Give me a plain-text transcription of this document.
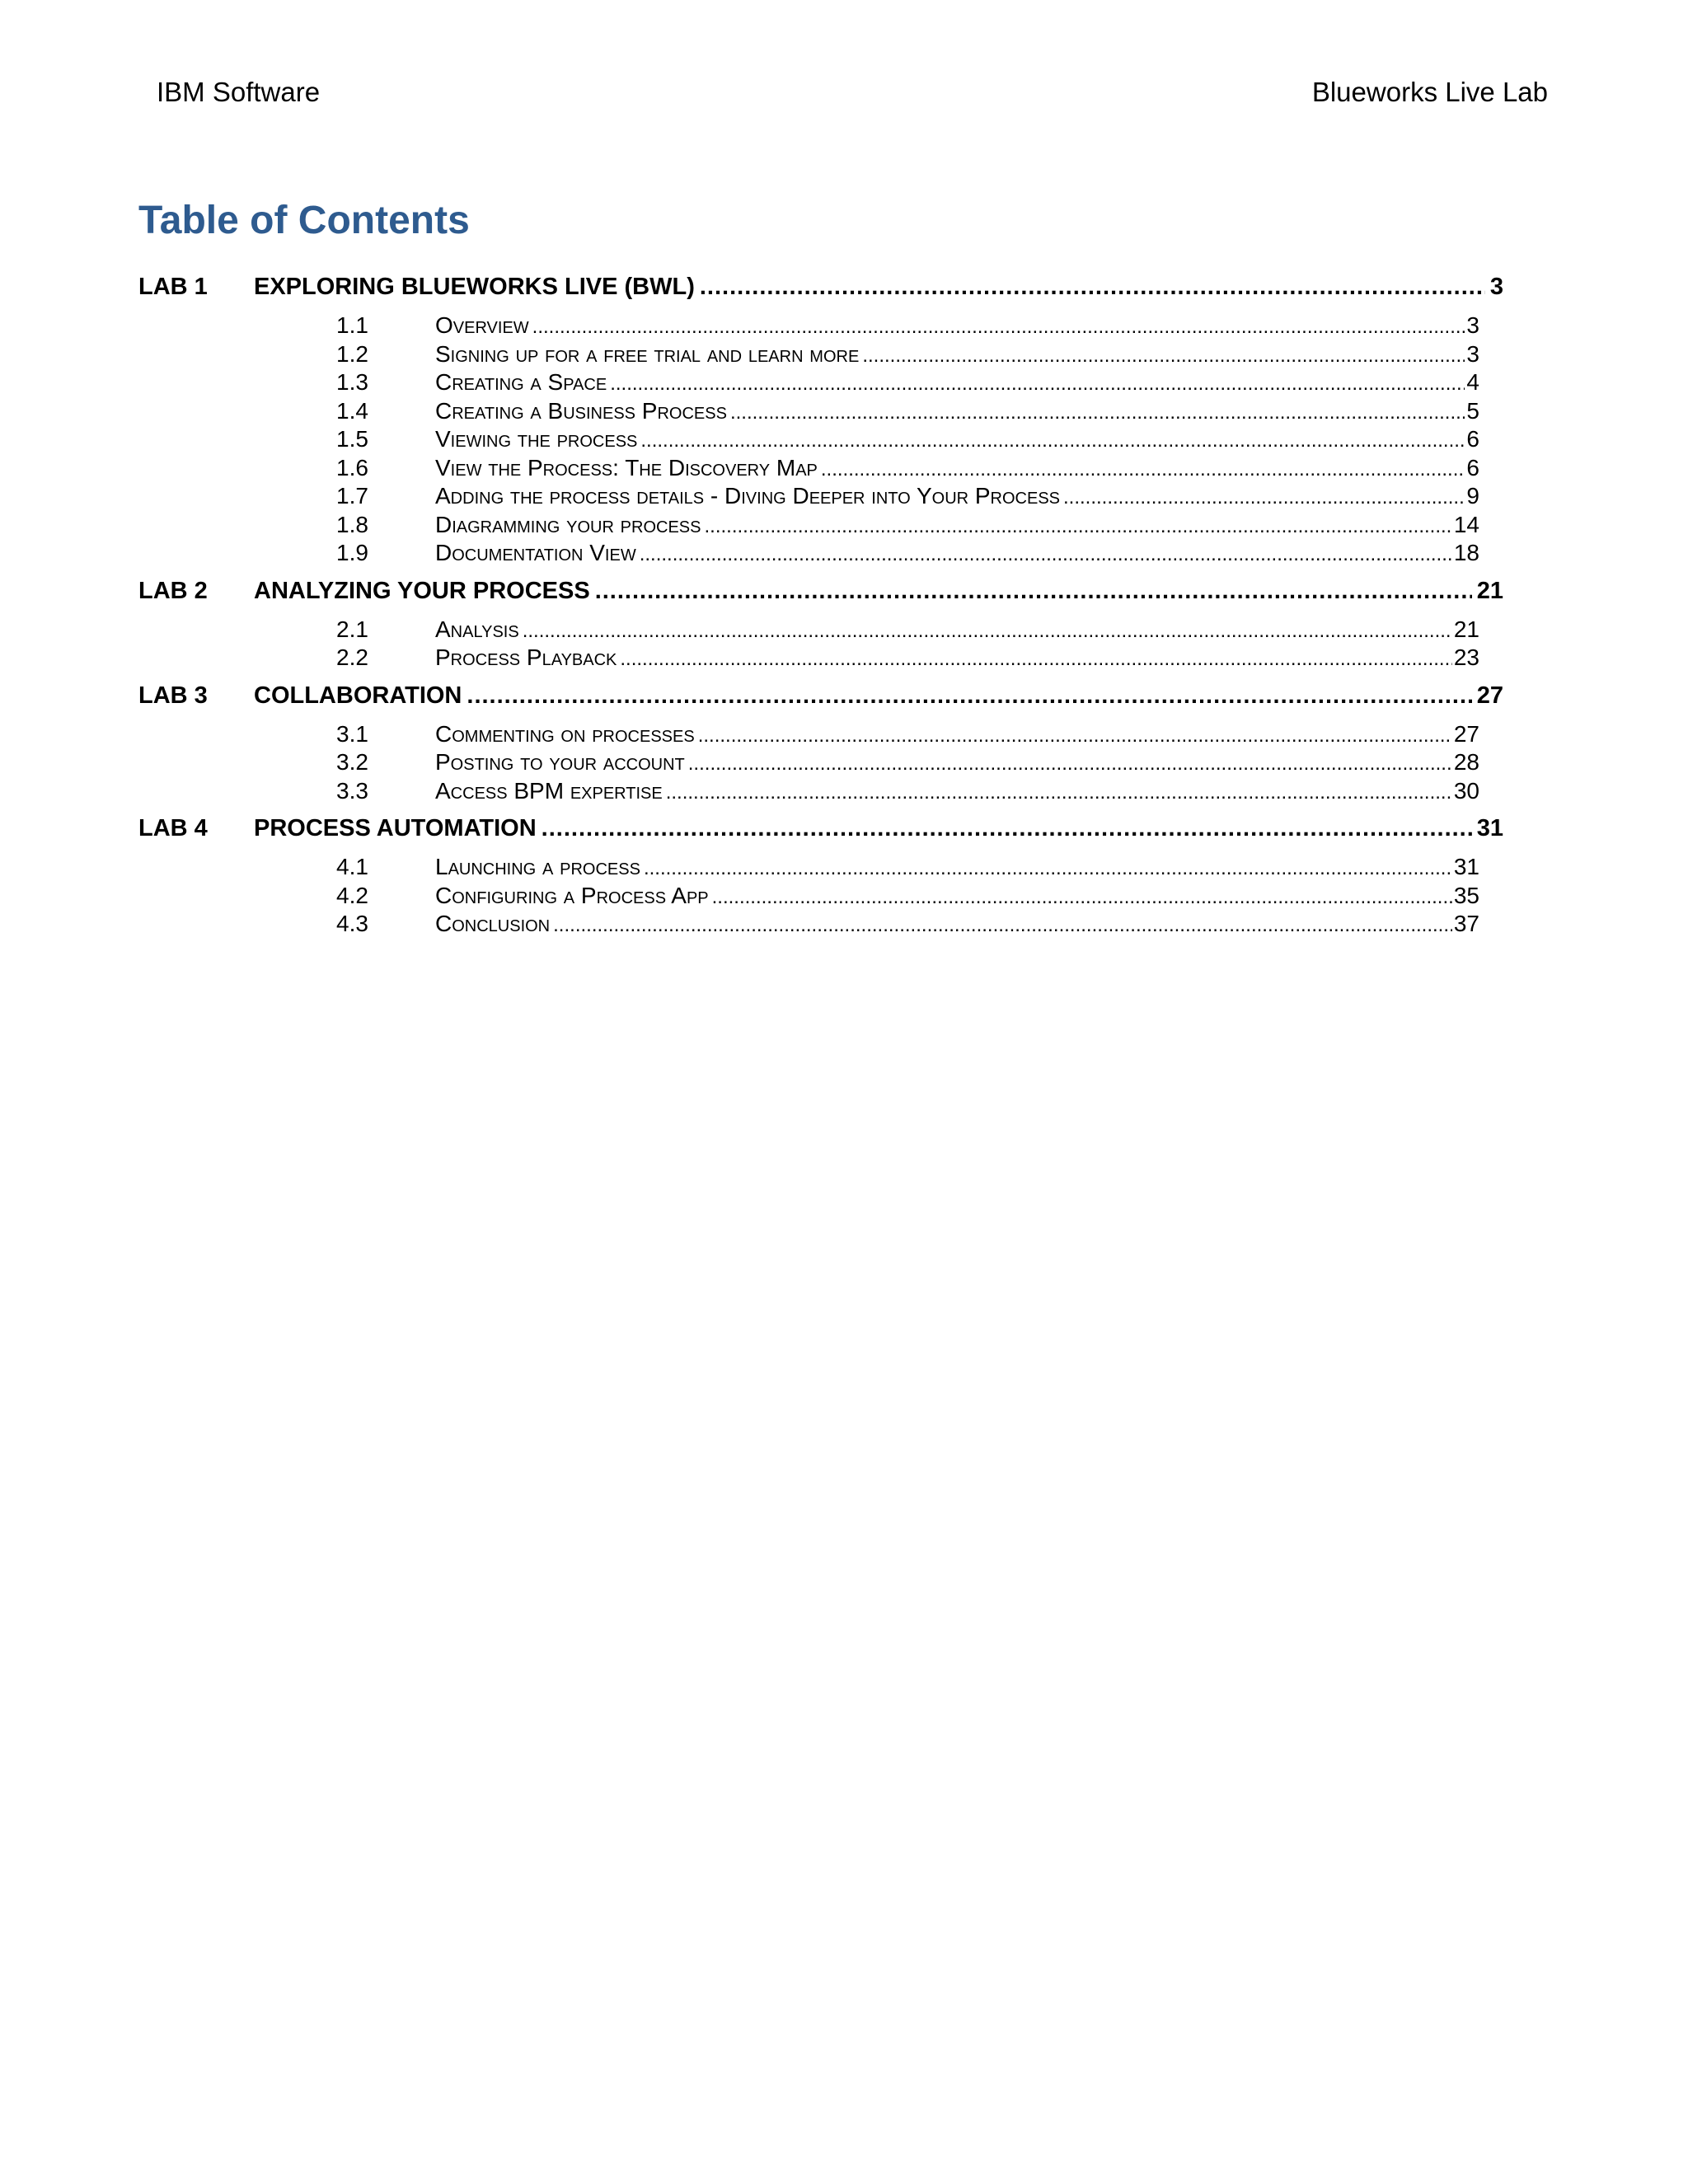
IBM Software	Blueworks Live Lab
Table of Contents
LAB 1	EXPLORING BLUEWORKS LIVE (BWL) .....	3
1.1	Overview .....	3
1.2	Signing up for a free trial and learn more .....	3
1.3	Creating a Space .....	4
1.4	Creating a Business Process .....	5
1.5	Viewing the process .....	6
1.6	View the Process: The Discovery Map .....	6
1.7	Adding the process details - Diving Deeper into Your Process .....	9
1.8	Diagramming your process .....	14
1.9	Documentation View .....	18
LAB 2	ANALYZING YOUR PROCESS .....	21
2.1	Analysis .....	21
2.2	Process Playback .....	23
LAB 3	COLLABORATION .....	27
3.1	Commenting on processes .....	27
3.2	Posting to your account .....	28
3.3	Access BPM expertise .....	30
LAB 4	PROCESS AUTOMATION .....	31
4.1	Launching a process .....	31
4.2	Configuring a Process App .....	35
4.3	Conclusion .....	37
